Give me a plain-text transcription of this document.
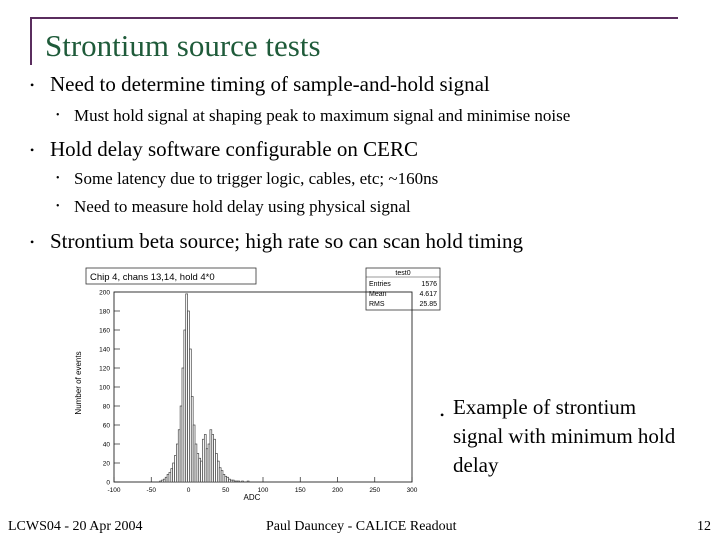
Strontium source tests
• Need to determine timing of sample-and-hold signal
• Must hold signal at shaping peak to maximum signal and minimise noise
• Hold delay software configurable on CERC
• Some latency due to trigger logic, cables, etc; ~160ns
• Need to measure hold delay using physical signal
• Strontium beta source; high rate so can scan hold timing
Chip 4, chans 13,14, hold 4*0	test0
Entries	1576
Mean	4.617
RMS	25.85
ADC
Number of events
-100	-50	0	50	100	150	200	250	300
0
20
40
60
80
100
120
140
160
180
200
• Example of strontium signal with minimum hold delay
LCWS04 - 20 Apr 2004	Paul Dauncey - CALICE Readout	12
